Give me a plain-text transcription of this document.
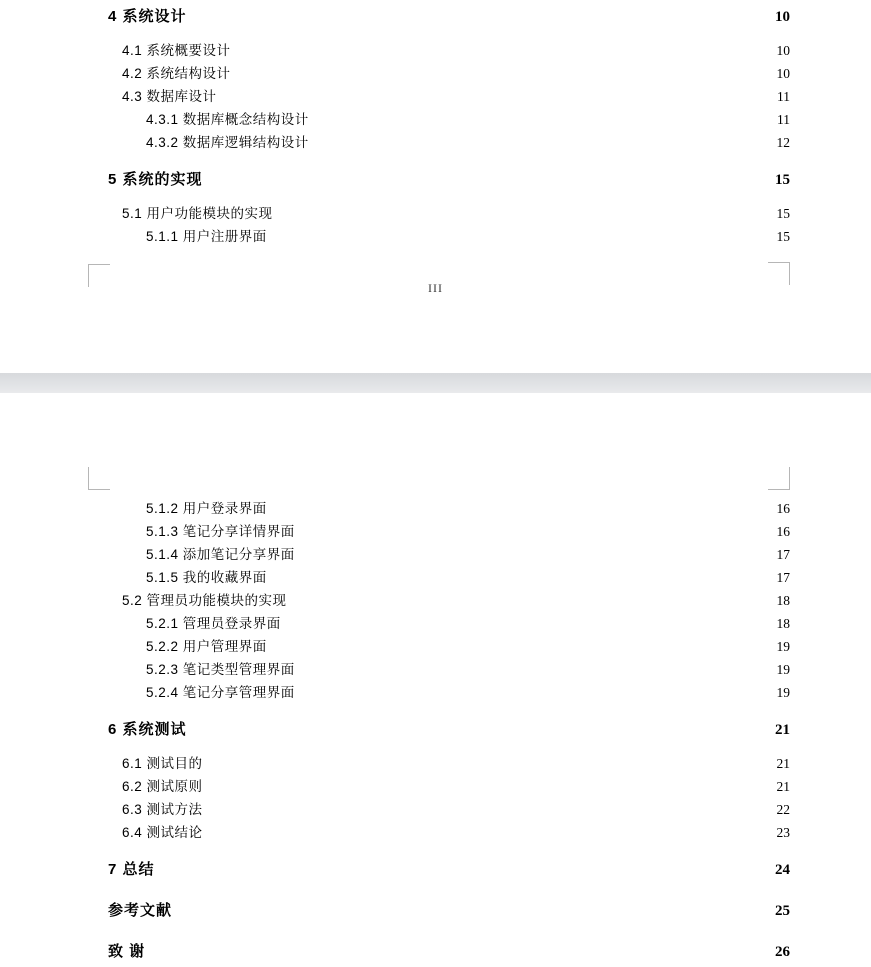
4 系统设计	10
4.1 系统概要设计	10
4.2 系统结构设计	10
4.3 数据库设计	11
4.3.1 数据库概念结构设计	11
4.3.2 数据库逻辑结构设计	12
5 系统的实现	15
5.1 用户功能模块的实现	15
5.1.1 用户注册界面	15
III
5.1.2 用户登录界面	16
5.1.3 笔记分享详情界面	16
5.1.4 添加笔记分享界面	17
5.1.5 我的收藏界面	17
5.2 管理员功能模块的实现	18
5.2.1 管理员登录界面	18
5.2.2 用户管理界面	19
5.2.3 笔记类型管理界面	19
5.2.4 笔记分享管理界面	19
6 系统测试	21
6.1 测试目的	21
6.2 测试原则	21
6.3 测试方法	22
6.4 测试结论	23
7 总结	24
参考文献	25
致 谢	26
